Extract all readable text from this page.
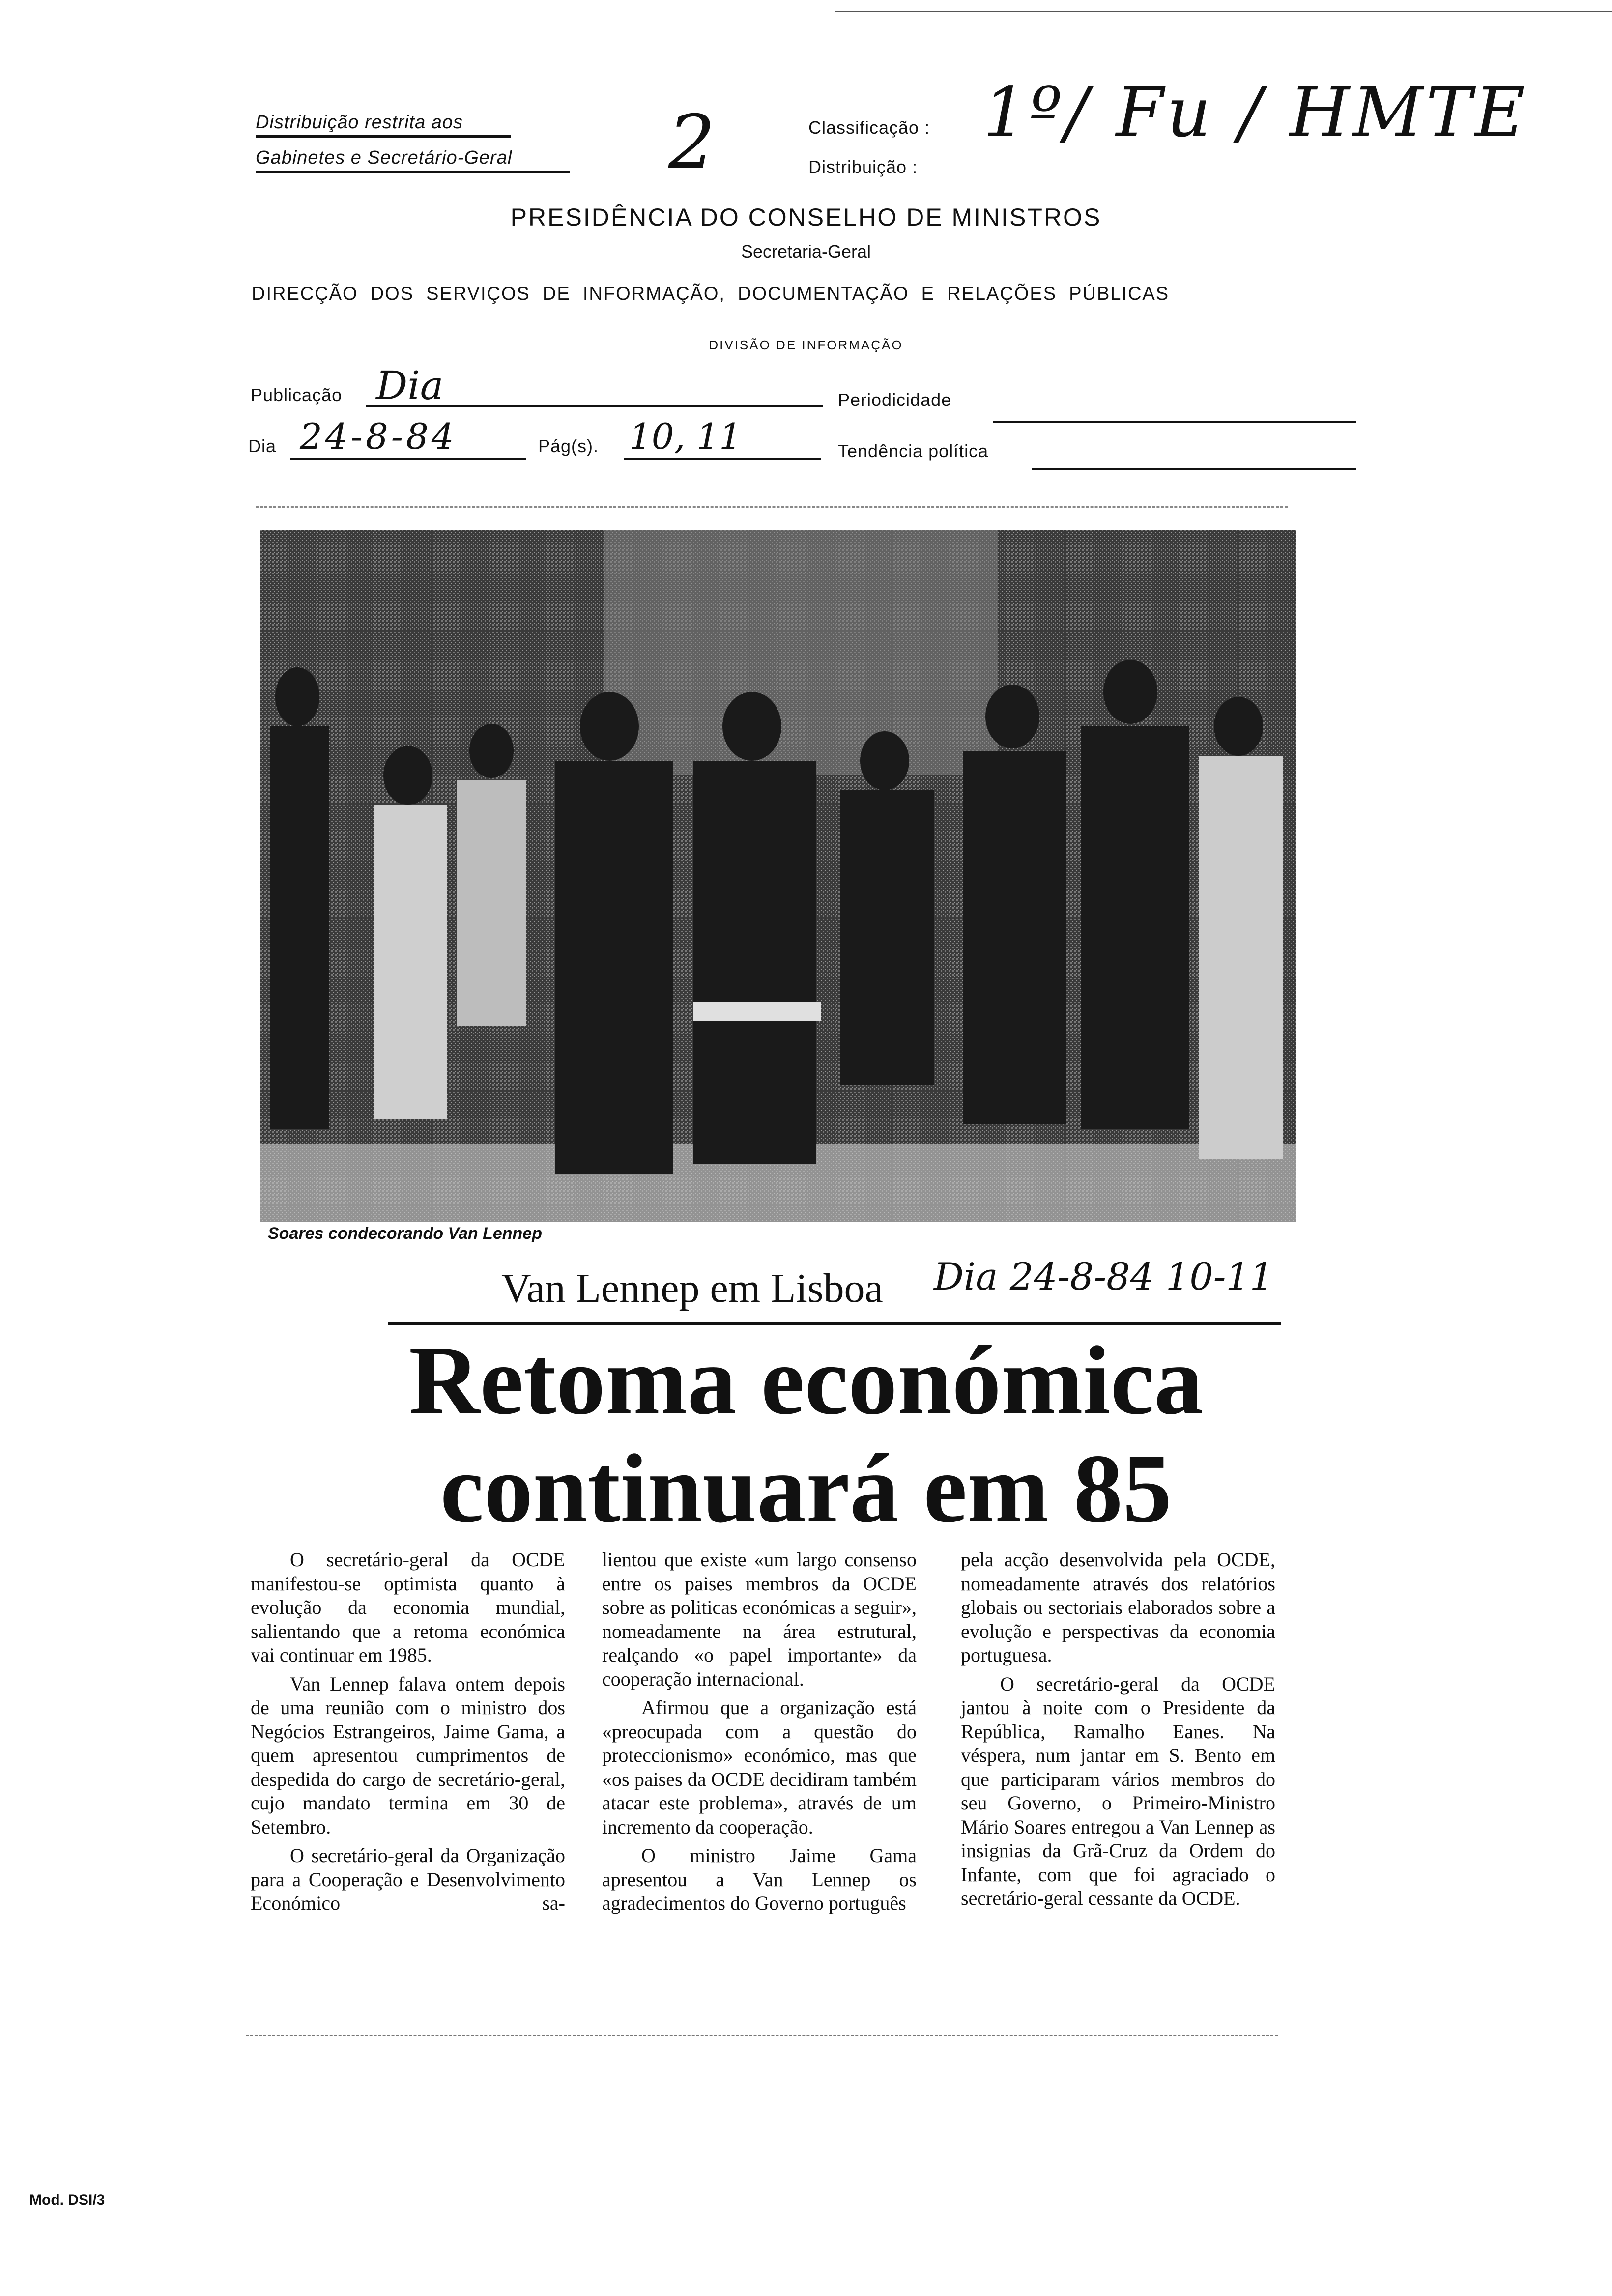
Distribuição restrita aos
Gabinetes e Secretário-Geral	2	Classificação :
Distribuição :
1º/ Fu / HMTE
PRESIDÊNCIA DO CONSELHO DE MINISTROS
Secretaria-Geral
DIRECÇÃO  DOS  SERVIÇOS  DE  INFORMAÇÃO,  DOCUMENTAÇÃO  E  RELAÇÕES  PÚBLICAS
DIVISÃO DE INFORMAÇÃO
Publicação Dia	Periodicidade
Dia 24-8-84	Pág(s). 10, 11	Tendência política
Soares condecorando Van Lennep
Van Lennep em Lisboa Dia 24-8-84 10-11
Retoma económica
continuará em 85

O secretário-geral da OCDE manifestou-se optimista quanto à evolução da economia mundial, salientando que a retoma económica vai continuar em 1985.

Van Lennep falava ontem depois de uma reunião com o ministro dos Negócios Estrangeiros, Jaime Gama, a quem apresentou cumprimentos de despedida do cargo de secretário-geral, cujo mandato termina em 30 de Setembro.

O secretário-geral da Organização para a Cooperação e Desenvolvimento Económico sa-

lientou que existe «um largo consenso entre os paises membros da OCDE sobre as politicas económicas a seguir», nomeadamente na área estrutural, realçando «o papel importante» da cooperação internacional.

Afirmou que a organização está «preocupada com a questão do proteccionismo» económico, mas que «os paises da OCDE decidiram também atacar este problema», através de um incremento da cooperação.

O ministro Jaime Gama apresentou a Van Lennep os agradecimentos do Governo português

pela acção desenvolvida pela OCDE, nomeadamente através dos relatórios globais ou sectoriais elaborados sobre a evolução e perspectivas da economia portuguesa.

O secretário-geral da OCDE jantou à noite com o Presidente da República, Ramalho Eanes. Na véspera, num jantar em S. Bento em que participaram vários membros do seu Governo, o Primeiro-Ministro Mário Soares entregou a Van Lennep as insignias da Grã-Cruz da Ordem do Infante, com que foi agraciado o secretário-geral cessante da OCDE.

Mod. DSI/3
